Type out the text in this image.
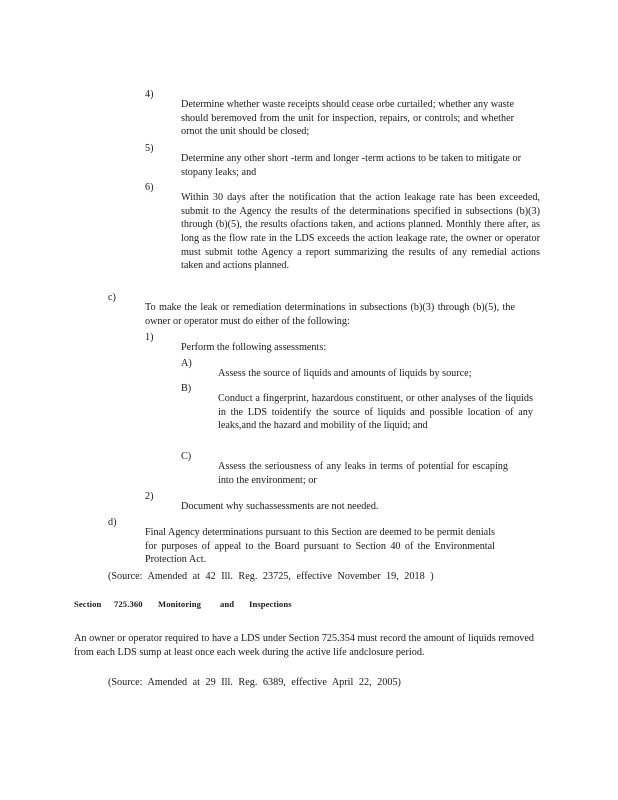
4)

Determine whether waste receipts should cease orbe curtailed; whether any waste should beremoved from the unit for inspection, repairs, or controls; and whether ornot the unit should be closed;

5)

Determine any other short -term and longer -term actions to be taken to mitigate or stopany leaks; and

6)

Within 30 days after the notification that the action leakage rate has been exceeded, submit to the Agency the results of the determinations specified in subsections (b)(3) through (b)(5), the results ofactions taken, and actions planned. Monthly there after, as long as the flow rate in the LDS exceeds the action leakage rate, the owner or operator must submit tothe Agency a report summarizing the results of any remedial actions taken and actions planned.

c)

To make the leak or remediation determinations in subsections (b)(3) through (b)(5), the owner or operator must do either of the following:

1)

Perform the following assessments:

A)

Assess the source of liquids and amounts of liquids by source;

B)

Conduct a fingerprint, hazardous constituent, or other analyses of the liquids in the LDS toidentify the source of liquids and possible location of any leaks,and the hazard and mobility of the liquid; and

C)

Assess the seriousness of any leaks in terms of potential for escaping into the environment; or

2)

Document why suchassessments are not needed.

d)

Final Agency determinations pursuant to this Section are deemed to be permit denials for purposes of appeal to the Board pursuant to Section 40 of the Environmental Protection Act.

(Source: Amended at 42 Ill. Reg. 23725, effective November 19, 2018 )

Section 725.360 Monitoring and Inspections

An owner or operator required to have a LDS under Section 725.354 must record the amount of liquids removed from each LDS sump at least once each week during the active life andclosure period.

(Source: Amended at 29 Ill. Reg. 6389, effective April 22, 2005)
